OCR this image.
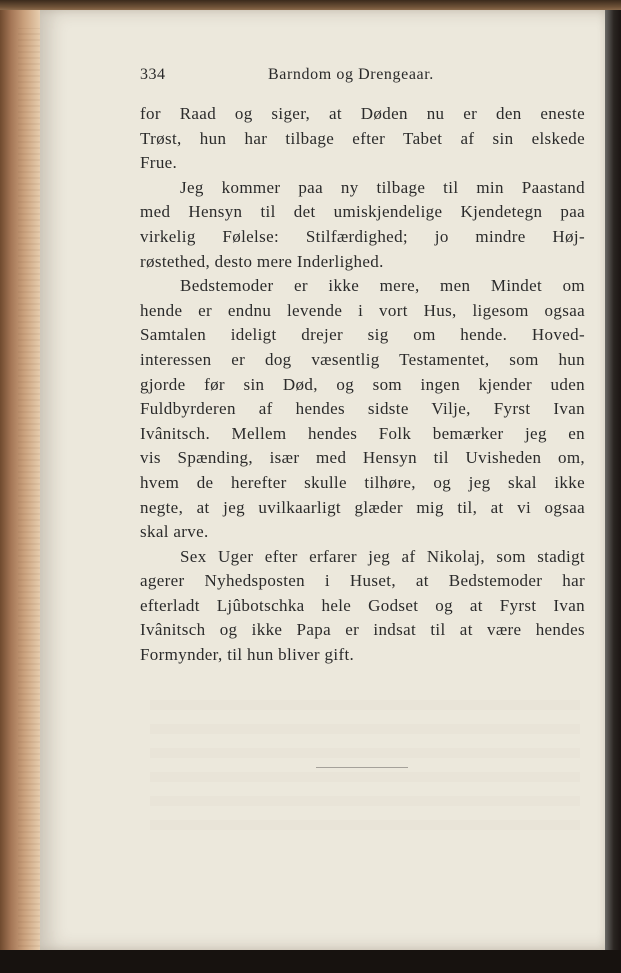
334	Barndom og Drengeaar.
for Raad og siger, at Døden nu er den eneste
Trøst, hun har tilbage efter Tabet af sin elskede
Frue.
Jeg kommer paa ny tilbage til min Paastand
med Hensyn til det umiskjendelige Kjendetegn paa
virkelig Følelse: Stilfærdighed; jo mindre Høj-
røstethed, desto mere Inderlighed.
Bedstemoder er ikke mere, men Mindet om
hende er endnu levende i vort Hus, ligesom ogsaa
Samtalen ideligt drejer sig om hende. Hoved-
interessen er dog væsentlig Testamentet, som hun
gjorde før sin Død, og som ingen kjender uden
Fuldbyrderen af hendes sidste Vilje, Fyrst Ivan
Ivânitsch. Mellem hendes Folk bemærker jeg en
vis Spænding, især med Hensyn til Uvisheden om,
hvem de herefter skulle tilhøre, og jeg skal ikke
negte, at jeg uvilkaarligt glæder mig til, at vi ogsaa
skal arve.
Sex Uger efter erfarer jeg af Nikolaj, som stadigt
agerer Nyhedsposten i Huset, at Bedstemoder har
efterladt Ljûbotschka hele Godset og at Fyrst Ivan
Ivânitsch og ikke Papa er indsat til at være hendes
Formynder, til hun bliver gift.
